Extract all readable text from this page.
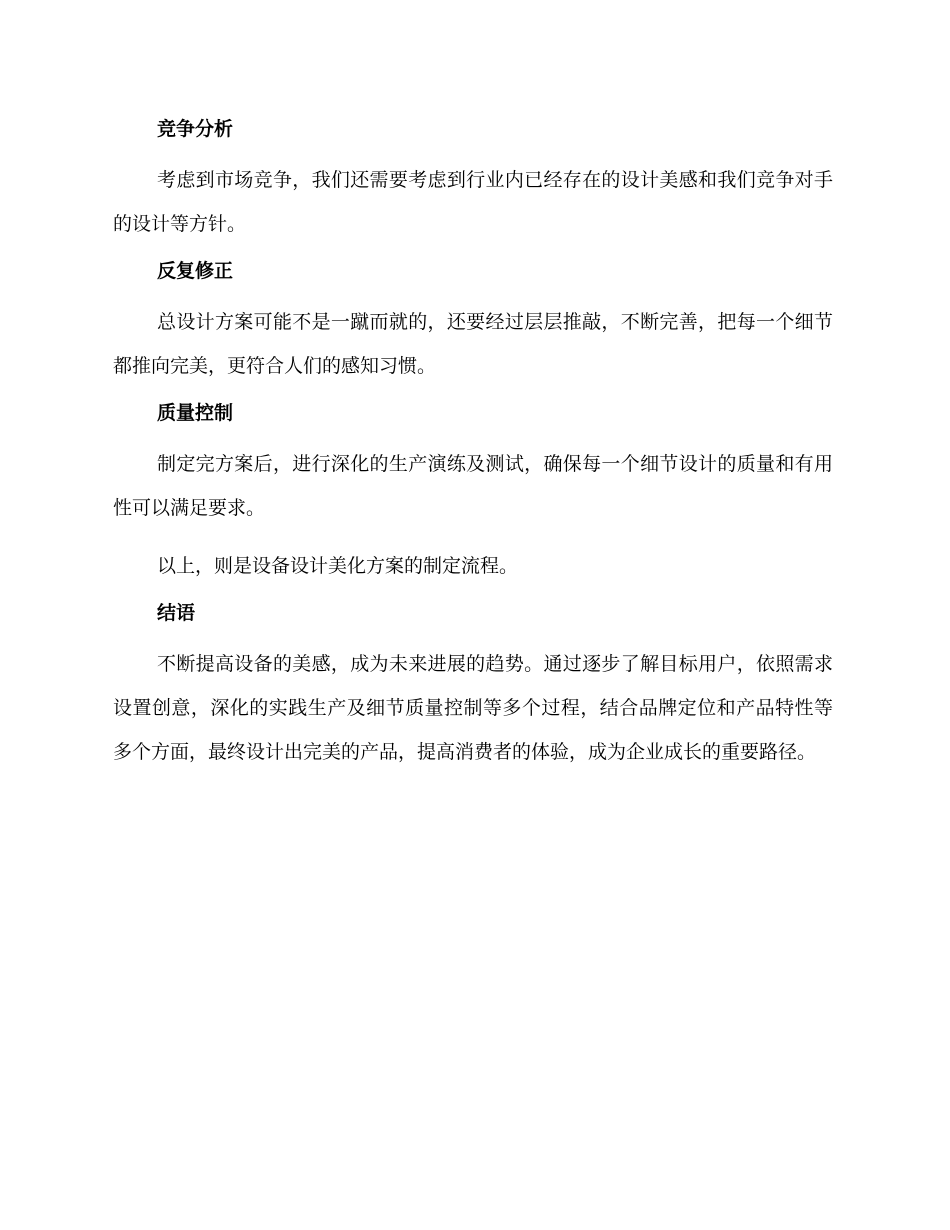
竞争分析

考虑到市场竞争，我们还需要考虑到行业内已经存在的设计美感和我们竞争对手的设计等方针。

反复修正

总设计方案可能不是一蹴而就的，还要经过层层推敲，不断完善，把每一个细节都推向完美，更符合人们的感知习惯。

质量控制

制定完方案后，进行深化的生产演练及测试，确保每一个细节设计的质量和有用性可以满足要求。

以上，则是设备设计美化方案的制定流程。

结语

不断提高设备的美感，成为未来进展的趋势。通过逐步了解目标用户，依照需求设置创意，深化的实践生产及细节质量控制等多个过程，结合品牌定位和产品特性等多个方面，最终设计出完美的产品，提高消费者的体验，成为企业成长的重要路径。
